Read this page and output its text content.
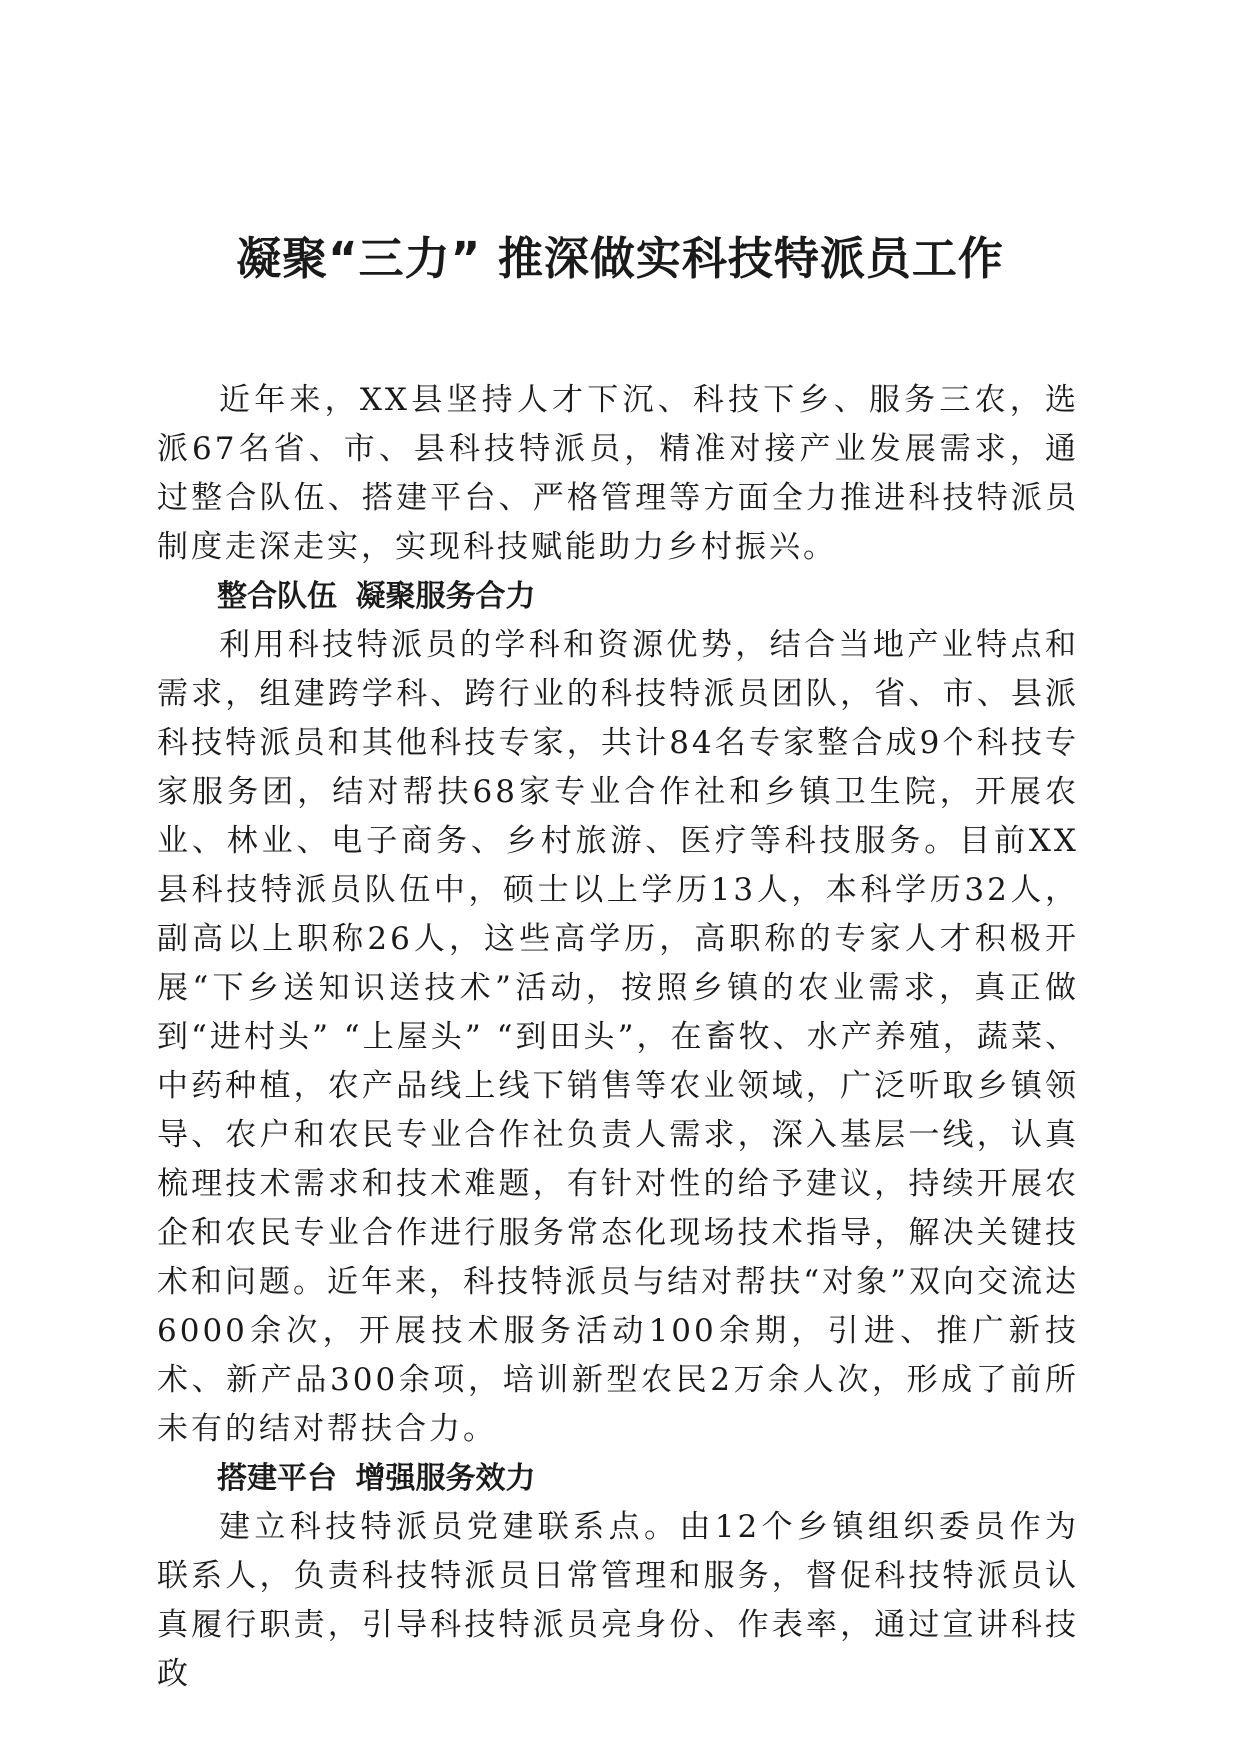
凝聚“三力” 推深做实科技特派员工作

近年来，XX县坚持人才下沉、科技下乡、服务三农，选派67名省、市、县科技特派员，精准对接产业发展需求，通过整合队伍、搭建平台、严格管理等方面全力推进科技特派员制度走深走实，实现科技赋能助力乡村振兴。

整合队伍 凝聚服务合力

利用科技特派员的学科和资源优势，结合当地产业特点和需求，组建跨学科、跨行业的科技特派员团队，省、市、县派科技特派员和其他科技专家，共计84名专家整合成9个科技专家服务团，结对帮扶68家专业合作社和乡镇卫生院，开展农业、林业、电子商务、乡村旅游、医疗等科技服务。目前XX县科技特派员队伍中，硕士以上学历13人，本科学历32人，副高以上职称26人，这些高学历，高职称的专家人才积极开展“下乡送知识送技术”活动，按照乡镇的农业需求，真正做到“进村头” “上屋头” “到田头”，在畜牧、水产养殖，蔬菜、中药种植，农产品线上线下销售等农业领域，广泛听取乡镇领导、农户和农民专业合作社负责人需求，深入基层一线，认真梳理技术需求和技术难题，有针对性的给予建议，持续开展农企和农民专业合作进行服务常态化现场技术指导，解决关键技术和问题。近年来，科技特派员与结对帮扶“对象”双向交流达6000余次，开展技术服务活动100余期，引进、推广新技术、新产品300余项，培训新型农民2万余人次，形成了前所未有的结对帮扶合力。

搭建平台 增强服务效力

建立科技特派员党建联系点。由12个乡镇组织委员作为联系人，负责科技特派员日常管理和服务，督促科技特派员认真履行职责，引导科技特派员亮身份、作表率，通过宣讲科技政
